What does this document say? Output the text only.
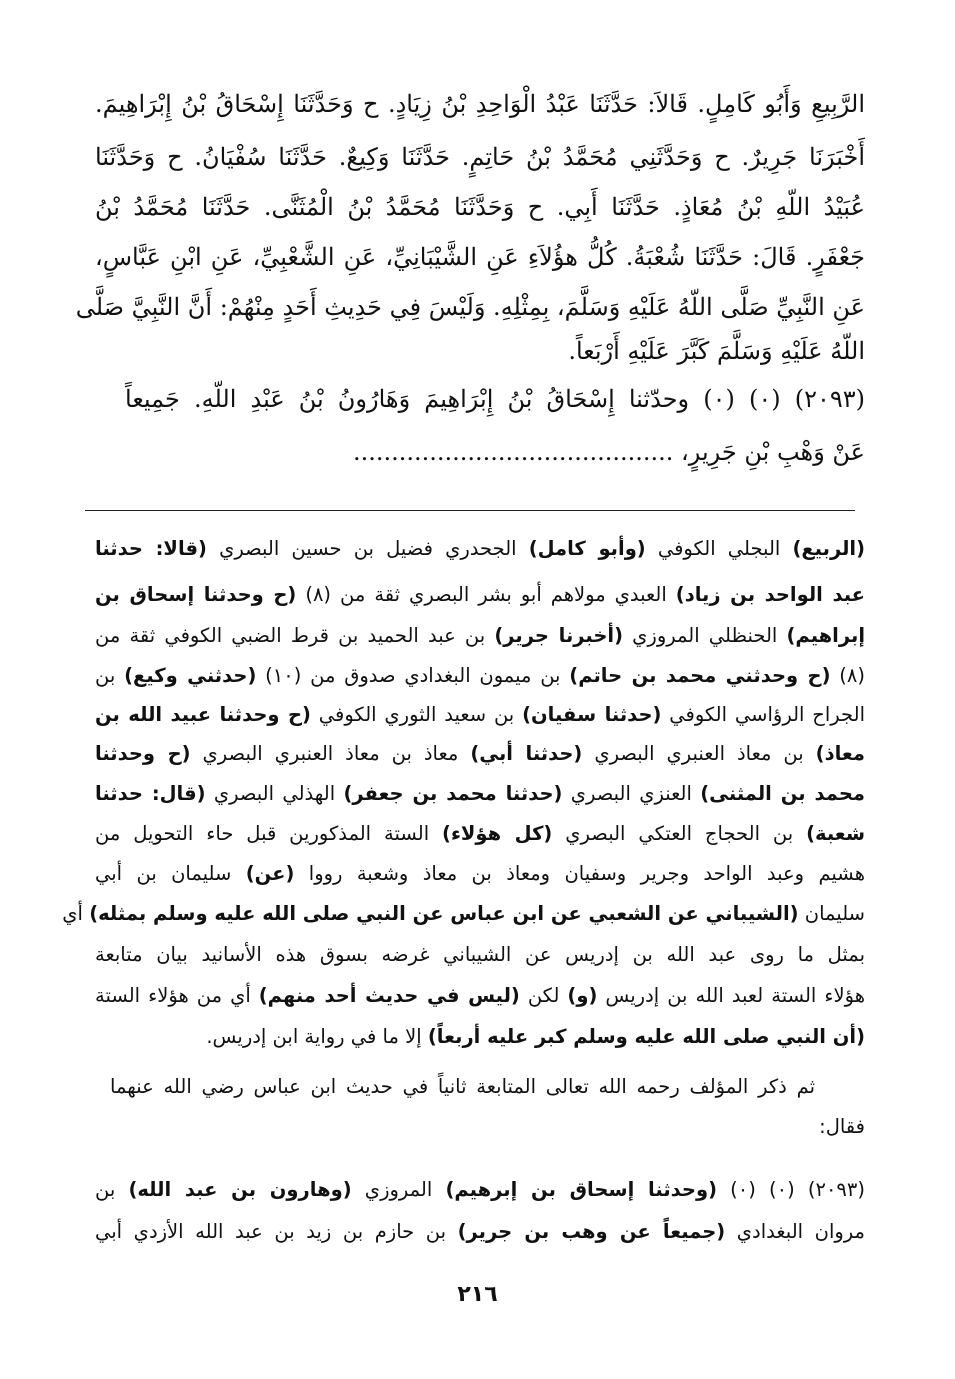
الرَّبِيعِ وَأَبُو كَامِلٍ. قَالاَ: حَدَّثَنَا عَبْدُ الْوَاحِدِ بْنُ زِيَادٍ. ح وَحَدَّثَنَا إِسْحَاقُ بْنُ إِبْرَاهِيمَ.
أَخْبَرَنَا جَرِيرٌ. ح وَحَدَّثَنِي مُحَمَّدُ بْنُ حَاتِمٍ. حَدَّثَنَا وَكِيعٌ. حَدَّثَنَا سُفْيَانُ. ح وَحَدَّثَنَا
عُبَيْدُ اللّهِ بْنُ مُعَاذٍ. حَدَّثَنَا أَبِي. ح وَحَدَّثَنَا مُحَمَّدُ بْنُ الْمُثَنَّى. حَدَّثَنَا مُحَمَّدُ بْنُ
جَعْفَرٍ. قَالَ: حَدَّثَنَا شُعْبَةُ. كُلُّ هؤُلاَءِ عَنِ الشَّيْبَانِيِّ، عَنِ الشَّعْبِيِّ، عَنِ ابْنِ عَبَّاسٍ،
عَنِ النَّبِيِّ صَلَّى اللّهُ عَلَيْهِ وَسَلَّمَ، بِمِثْلِهِ. وَلَيْسَ فِي حَدِيثِ أَحَدٍ مِنْهُمْ: أَنَّ النَّبِيَّ صَلَّى
اللّهُ عَلَيْهِ وَسَلَّمَ كَبَّرَ عَلَيْهِ أَرْبَعاً.
(٢٠٩٣) (٠) (٠) وحدّثنا إِسْحَاقُ بْنُ إِبْرَاهِيمَ وَهَارُونُ بْنُ عَبْدِ اللّهِ. جَمِيعاً
عَنْ وَهْبِ بْنِ جَرِيرٍ، ..........................................
(الربيع) البجلي الكوفي (وأبو كامل) الجحدري فضيل بن حسين البصري (قالا: حدثنا
عبد الواحد بن زياد) العبدي مولاهم أبو بشر البصري ثقة من (٨) (ح وحدثنا إسحاق بن
إبراهيم) الحنظلي المروزي (أخبرنا جرير) بن عبد الحميد بن قرط الضبي الكوفي ثقة من
(٨) (ح وحدثني محمد بن حاتم) بن ميمون البغدادي صدوق من (١٠) (حدثني وكيع) بن
الجراح الرؤاسي الكوفي (حدثنا سفيان) بن سعيد الثوري الكوفي (ح وحدثنا عبيد الله بن
معاذ) بن معاذ العنبري البصري (حدثنا أبي) معاذ بن معاذ العنبري البصري (ح وحدثنا
محمد بن المثنى) العنزي البصري (حدثنا محمد بن جعفر) الهذلي البصري (قال: حدثنا
شعبة) بن الحجاج العتكي البصري (كل هؤلاء) الستة المذكورين قبل حاء التحويل من
هشيم وعبد الواحد وجرير وسفيان ومعاذ بن معاذ وشعبة رووا (عن) سليمان بن أبي
سليمان (الشيباني عن الشعبي عن ابن عباس عن النبي صلى الله عليه وسلم بمثله) أي
بمثل ما روى عبد الله بن إدريس عن الشيباني غرضه بسوق هذه الأسانيد بيان متابعة
هؤلاء الستة لعبد الله بن إدريس (و) لكن (ليس في حديث أحد منهم) أي من هؤلاء الستة
(أن النبي صلى الله عليه وسلم كبر عليه أربعاً) إلا ما في رواية ابن إدريس.
ثم ذكر المؤلف رحمه الله تعالى المتابعة ثانياً في حديث ابن عباس رضي الله عنهما
فقال:
(٢٠٩٣) (٠) (٠) (وحدثنا إسحاق بن إبرهيم) المروزي (وهارون بن عبد الله) بن
مروان البغدادي (جميعاً عن وهب بن جرير) بن حازم بن زيد بن عبد الله الأزدي أبي
٢١٦
